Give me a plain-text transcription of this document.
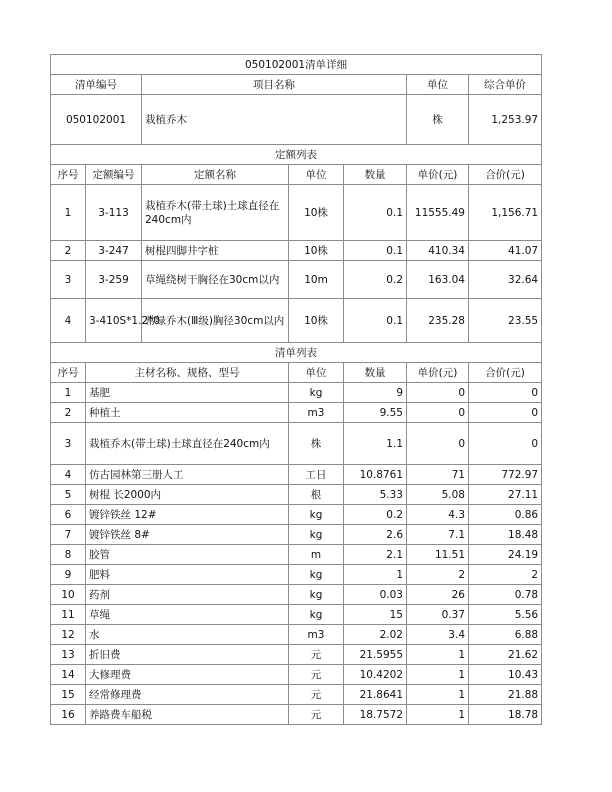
050102001清单详细						
清单编号		项目名称			单位	综合单价
050102001		栽植乔木			株	1,253.97
定额列表						
序号	定额编号	定额名称	单位	数量	单价(元)	合价(元)
1	3-113	栽植乔木(带土球)土球直径在240cm内	10株	0.1	11555.49	1,156.71
2	3-247	树棍四脚井字桩	10株	0.1	410.34	41.07
3	3-259	草绳绕树干胸径在30cm以内	10m	0.2	163.04	32.64
4	3-410S*1.2*0	常绿乔木(Ⅲ级)胸径30cm以内	10株	0.1	235.28	23.55
清单列表						
序号	主材名称、规格、型号		单位	数量	单价(元)	合价(元)
1	基肥		kg	9	0	0
2	种植土		m3	9.55	0	0
3	栽植乔木(带土球)土球直径在240cm内		株	1.1	0	0
4	仿古园林第三册人工		工日	10.8761	71	772.97
5	树棍 长2000内		根	5.33	5.08	27.11
6	镀锌铁丝 12#		kg	0.2	4.3	0.86
7	镀锌铁丝 8#		kg	2.6	7.1	18.48
8	胶管		m	2.1	11.51	24.19
9	肥料		kg	1	2	2
10	药剂		kg	0.03	26	0.78
11	草绳		kg	15	0.37	5.56
12	水		m3	2.02	3.4	6.88
13	折旧费		元	21.5955	1	21.62
14	大修理费		元	10.4202	1	10.43
15	经常修理费		元	21.8641	1	21.88
16	养路费车船税		元	18.7572	1	18.78
